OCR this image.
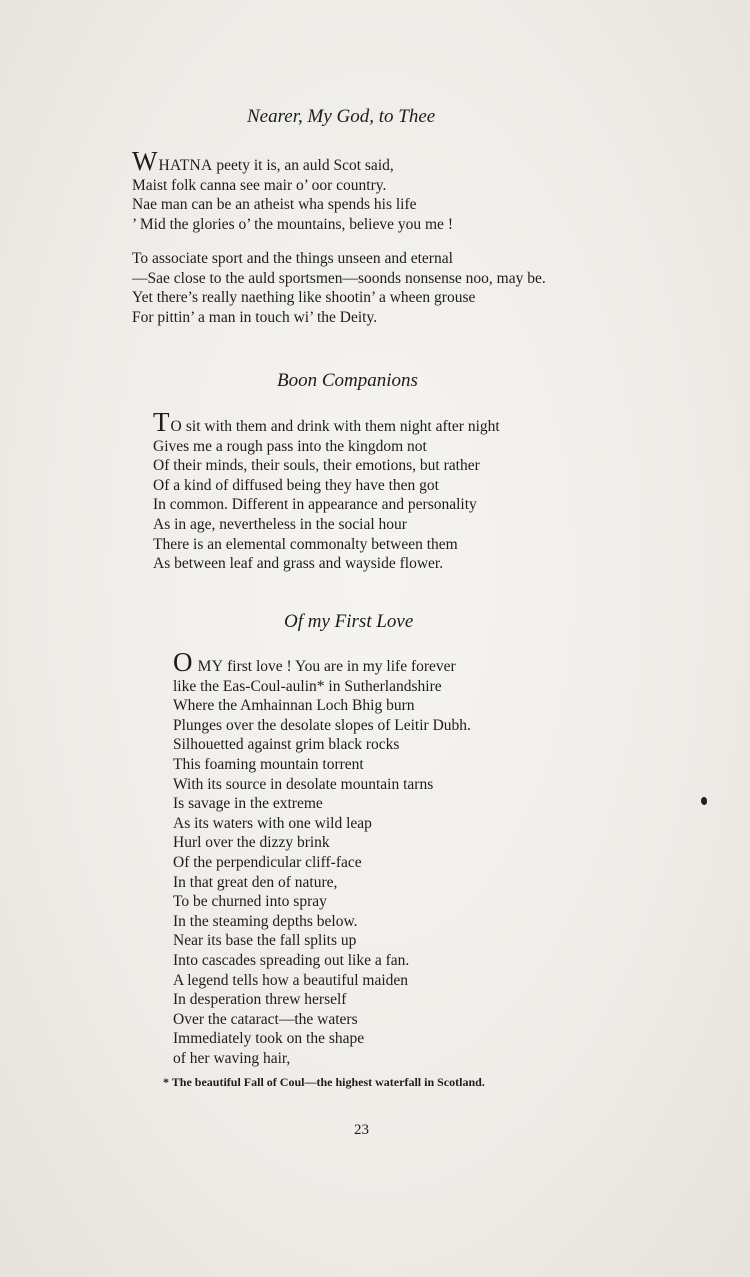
Nearer, My God, to Thee
WHATNA peety it is, an auld Scot said,
Maist folk canna see mair o’ oor country.
Nae man can be an atheist wha spends his life
’ Mid the glories o’ the mountains, believe you me !
To associate sport and the things unseen and eternal
—Sae close to the auld sportsmen—soonds nonsense noo, may be.
Yet there’s really naething like shootin’ a wheen grouse
For pittin’ a man in touch wi’ the Deity.
Boon Companions
TO sit with them and drink with them night after night
Gives me a rough pass into the kingdom not
Of their minds, their souls, their emotions, but rather
Of a kind of diffused being they have then got
In common. Different in appearance and personality
As in age, nevertheless in the social hour
There is an elemental commonalty between them
As between leaf and grass and wayside flower.
Of my First Love
O MY first love ! You are in my life forever
like the Eas-Coul-aulin* in Sutherlandshire
Where the Amhainnan Loch Bhig burn
Plunges over the desolate slopes of Leitir Dubh.
Silhouetted against grim black rocks
This foaming mountain torrent
With its source in desolate mountain tarns
Is savage in the extreme
As its waters with one wild leap
Hurl over the dizzy brink
Of the perpendicular cliff-face
In that great den of nature,
To be churned into spray
In the steaming depths below.
Near its base the fall splits up
Into cascades spreading out like a fan.
A legend tells how a beautiful maiden
In desperation threw herself
Over the cataract—the waters
Immediately took on the shape
of her waving hair,
* The beautiful Fall of Coul—the highest waterfall in Scotland.
23
